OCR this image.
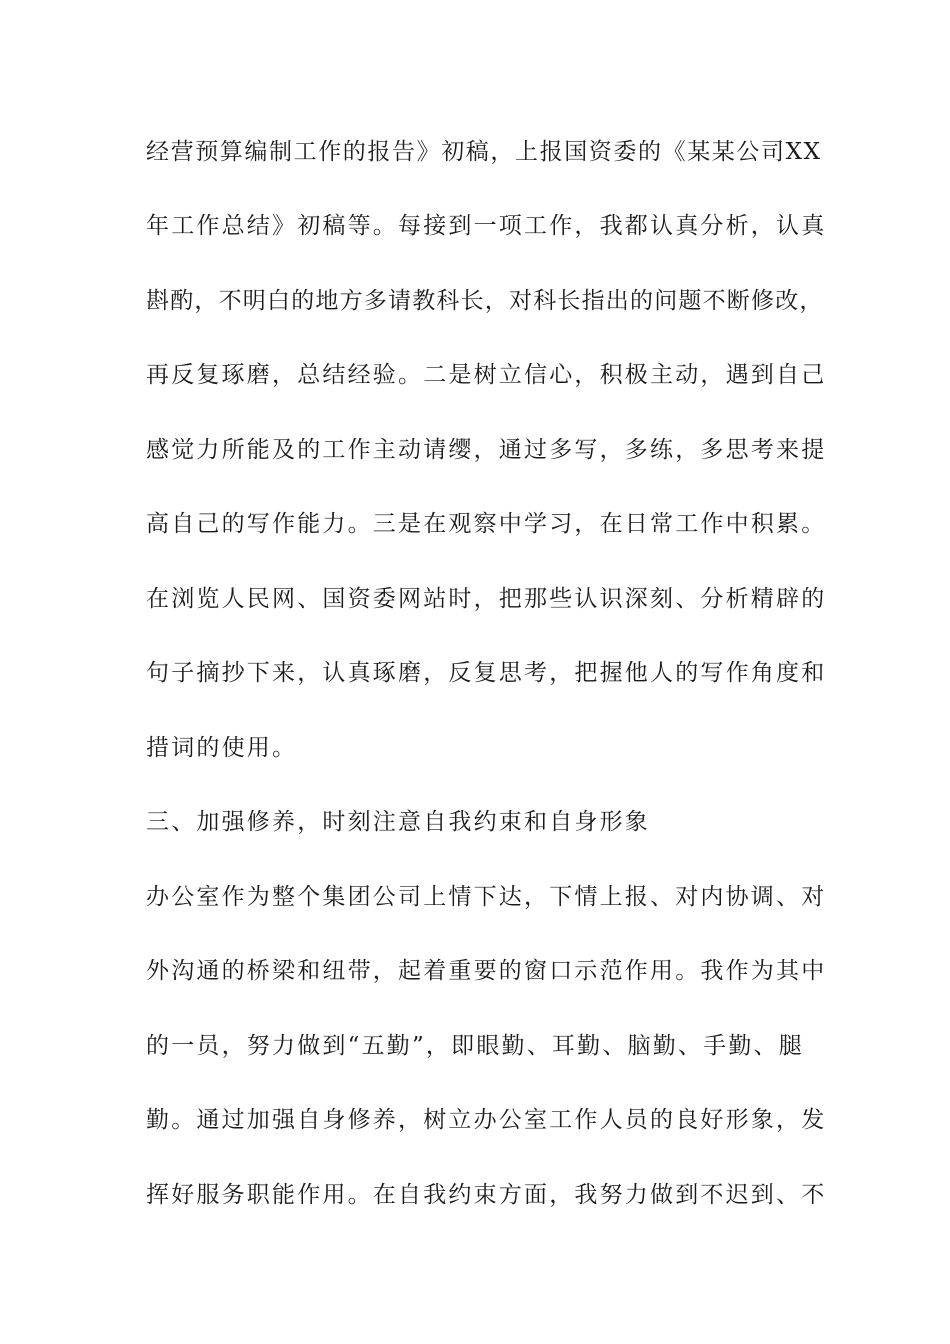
经营预算编制工作的报告》初稿，上报国资委的《某某公司XX
年工作总结》初稿等。每接到一项工作，我都认真分析，认真
斟酌，不明白的地方多请教科长，对科长指出的问题不断修改，
再反复琢磨，总结经验。二是树立信心，积极主动，遇到自己
感觉力所能及的工作主动请缨，通过多写，多练，多思考来提
高自己的写作能力。三是在观察中学习，在日常工作中积累。
在浏览人民网、国资委网站时，把那些认识深刻、分析精辟的
句子摘抄下来，认真琢磨，反复思考，把握他人的写作角度和
措词的使用。
三、加强修养，时刻注意自我约束和自身形象
办公室作为整个集团公司上情下达，下情上报、对内协调、对
外沟通的桥梁和纽带，起着重要的窗口示范作用。我作为其中
的一员，努力做到“五勤”，即眼勤、耳勤、脑勤、手勤、腿
勤。通过加强自身修养，树立办公室工作人员的良好形象，发
挥好服务职能作用。在自我约束方面，我努力做到不迟到、不
